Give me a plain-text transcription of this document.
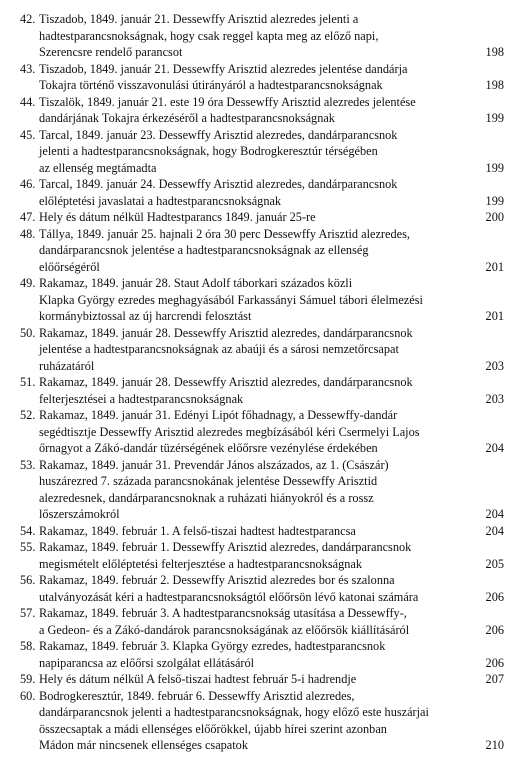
42. Tiszadob, 1849. január 21. Dessewffy Arisztid alezredes jelenti a
hadtestparancsnokságnak, hogy csak reggel kapta meg az előző napi,
Szerencsre rendelő parancsot	198
43. Tiszadob, 1849. január 21. Dessewffy Arisztid alezredes jelentése dandárja
Tokajra történő visszavonulási útirányáról a hadtestparancsnokságnak	198
44. Tiszalök, 1849. január 21. este 19 óra Dessewffy Arisztid alezredes jelentése
dandárjának Tokajra érkezéséről a hadtestparancsnokságnak	199
45. Tarcal, 1849. január 23. Dessewffy Arisztid alezredes, dandárparancsnok
jelenti a hadtestparancsnokságnak, hogy Bodrogkeresztúr térségében
az ellenség megtámadta	199
46. Tarcal, 1849. január 24. Dessewffy Arisztid alezredes, dandárparancsnok
előléptetési javaslatai a hadtestparancsnokságnak	199
47. Hely és dátum nélkül Hadtestparancs 1849. január 25-re	200
48. Tállya, 1849. január 25. hajnali 2 óra 30 perc Dessewffy Arisztid alezredes,
dandárparancsnok jelentése a hadtestparancsnokságnak az ellenség
előőrségéről	201
49. Rakamaz, 1849. január 28. Staut Adolf táborkari százados közli
Klapka György ezredes meghagyásából Farkassányi Sámuel tábori élelmezési
kormánybiztossal az új harcrendi felosztást	201
50. Rakamaz, 1849. január 28. Dessewffy Arisztid alezredes, dandárparancsnok
jelentése a hadtestparancsnokságnak az abaúji és a sárosi nemzetőrcsapat
ruházatáról	203
51. Rakamaz, 1849. január 28. Dessewffy Arisztid alezredes, dandárparancsnok
felterjesztései a hadtestparancsnokságnak	203
52. Rakamaz, 1849. január 31. Edényi Lipót főhadnagy, a Dessewffy-dandár
segédtisztje Dessewffy Arisztid alezredes megbízásából kéri Csermelyi Lajos
őrnagyot a Zákó-dandár tüzérségének előőrsre vezénylése érdekében	204
53. Rakamaz, 1849. január 31. Prevendár János alszázados, az 1. (Császár)
huszárezred 7. százada parancsnokának jelentése Dessewffy Arisztid
alezredesnek, dandárparancsnoknak a ruházati hiányokról és a rossz
lőszerszámokról	204
54. Rakamaz, 1849. február 1. A felső-tiszai hadtest hadtestparancsa	204
55. Rakamaz, 1849. február 1. Dessewffy Arisztid alezredes, dandárparancsnok
megismételt előléptetési felterjesztése a hadtestparancsnokságnak	205
56. Rakamaz, 1849. február 2. Dessewffy Arisztid alezredes bor és szalonna
utalványozását kéri a hadtestparancsnokságtól előőrsön lévő katonai számára	206
57. Rakamaz, 1849. február 3. A hadtestparancsnokság utasítása a Dessewffy-,
a Gedeon- és a Zákó-dandárok parancsnokságának az előőrsök kiállításáról	206
58. Rakamaz, 1849. február 3. Klapka György ezredes, hadtestparancsnok
napiparancsa az előőrsi szolgálat ellátásáról	206
59. Hely és dátum nélkül A felső-tiszai hadtest február 5-i hadrendje	207
60. Bodrogkeresztúr, 1849. február 6. Dessewffy Arisztid alezredes,
dandárparancsnok jelenti a hadtestparancsnokságnak, hogy előző este huszárjai
összecsaptak a mádi ellenséges előőrökkel, újabb hírei szerint azonban
Mádon már nincsenek ellenséges csapatok	210
